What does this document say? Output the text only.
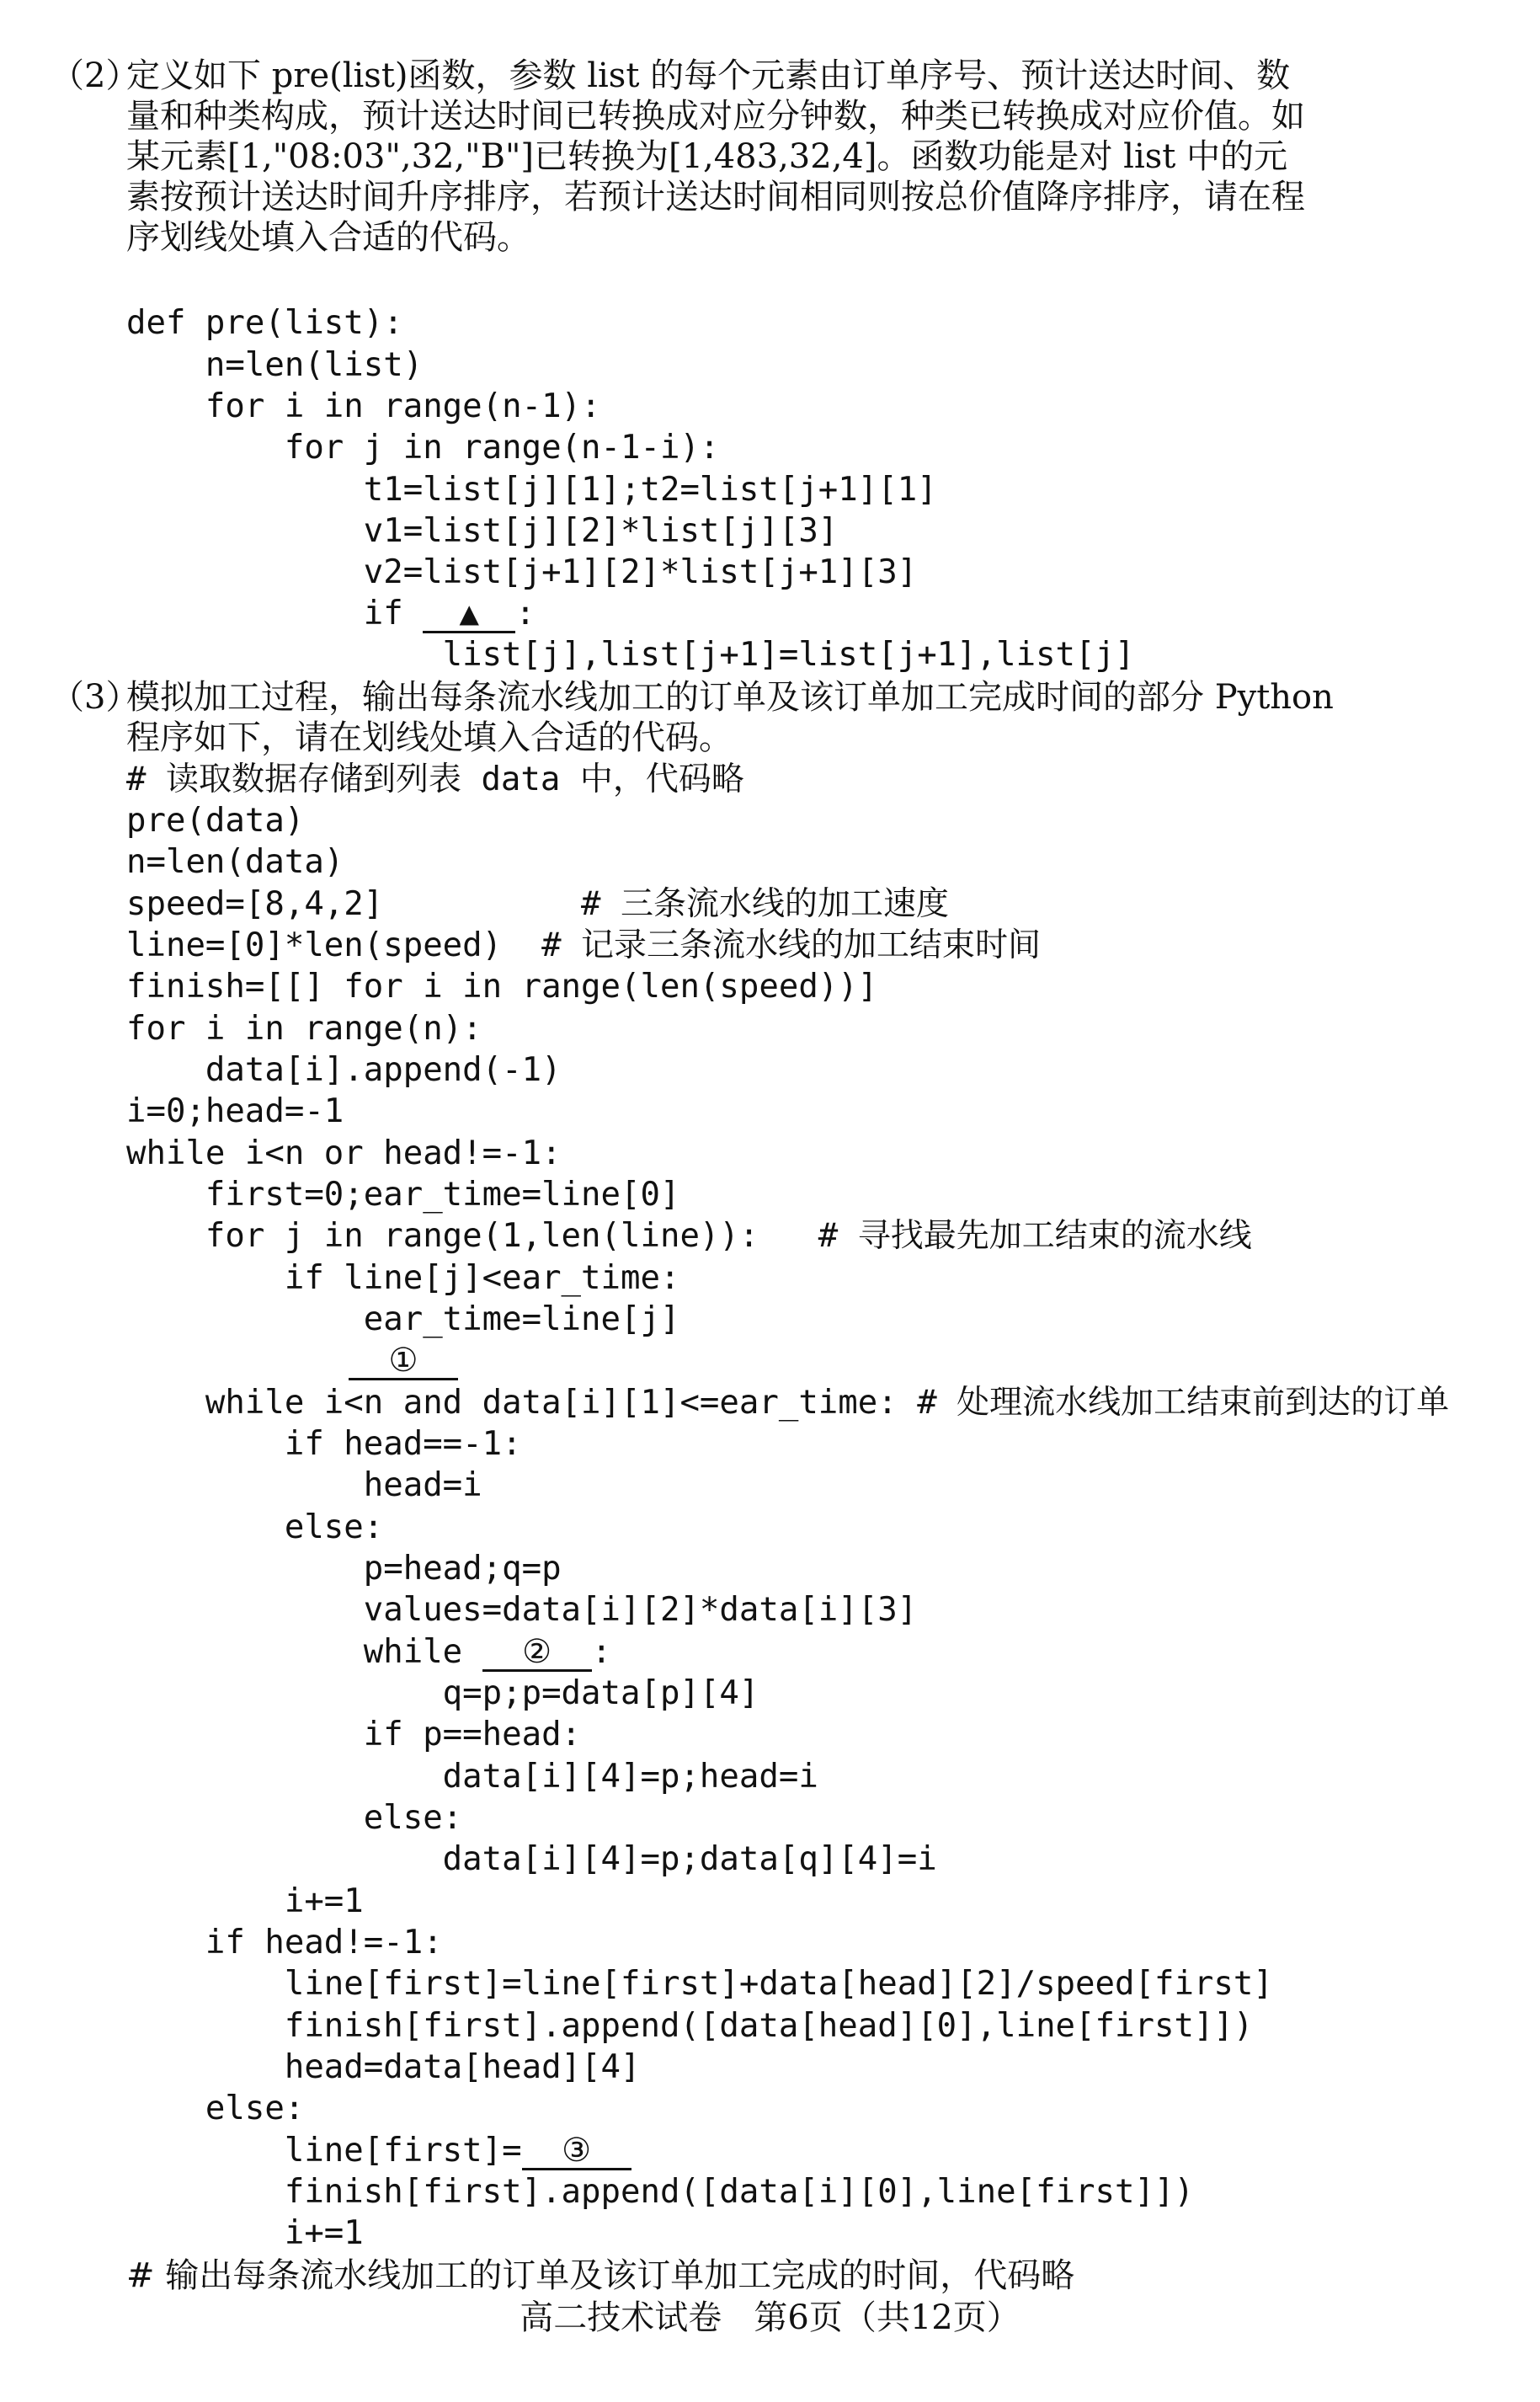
（2）
定义如下 pre(list)函数，参数 list 的每个元素由订单序号、预计送达时间、数
量和种类构成，预计送达时间已转换成对应分钟数，种类已转换成对应价值。如
某元素[1,"08:03",32,"B"]已转换为[1,483,32,4]。函数功能是对 list 中的元
素按预计送达时间升序排序，若预计送达时间相同则按总价值降序排序，请在程
序划线处填入合适的代码。
def pre(list):
n=len(list)
for i in range(n-1):
for j in range(n-1-i):
t1=list[j][1];t2=list[j+1][1]
v1=list[j][2]*list[j][3]
v2=list[j+1][2]*list[j+1][3]
if ▲ :
list[j],list[j+1]=list[j+1],list[j]
（3）
模拟加工过程，输出每条流水线加工的订单及该订单加工完成时间的部分 Python
程序如下，请在划线处填入合适的代码。
# 读取数据存储到列表 data 中，代码略
pre(data)
n=len(data)
speed=[8,4,2]          # 三条流水线的加工速度
line=[0]*len(speed)  # 记录三条流水线的加工结束时间
finish=[[] for i in range(len(speed))]
for i in range(n):
data[i].append(-1)
i=0;head=-1
while i<n or head!=-1:
first=0;ear_time=line[0]
for j in range(1,len(line)):   # 寻找最先加工结束的流水线
if line[j]<ear_time:
ear_time=line[j]
①
while i<n and data[i][1]<=ear_time: # 处理流水线加工结束前到达的订单
if head==-1:
head=i
else:
p=head;q=p
values=data[i][2]*data[i][3]
while ② :
q=p;p=data[p][4]
if p==head:
data[i][4]=p;head=i
else:
data[i][4]=p;data[q][4]=i
i+=1
if head!=-1:
line[first]=line[first]+data[head][2]/speed[first]
finish[first].append([data[head][0],line[first]])
head=data[head][4]
else:
line[first]= ③
finish[first].append([data[i][0],line[first]])
i+=1
# 输出每条流水线加工的订单及该订单加工完成的时间，代码略
高二技术试卷   第6页（共12页）
